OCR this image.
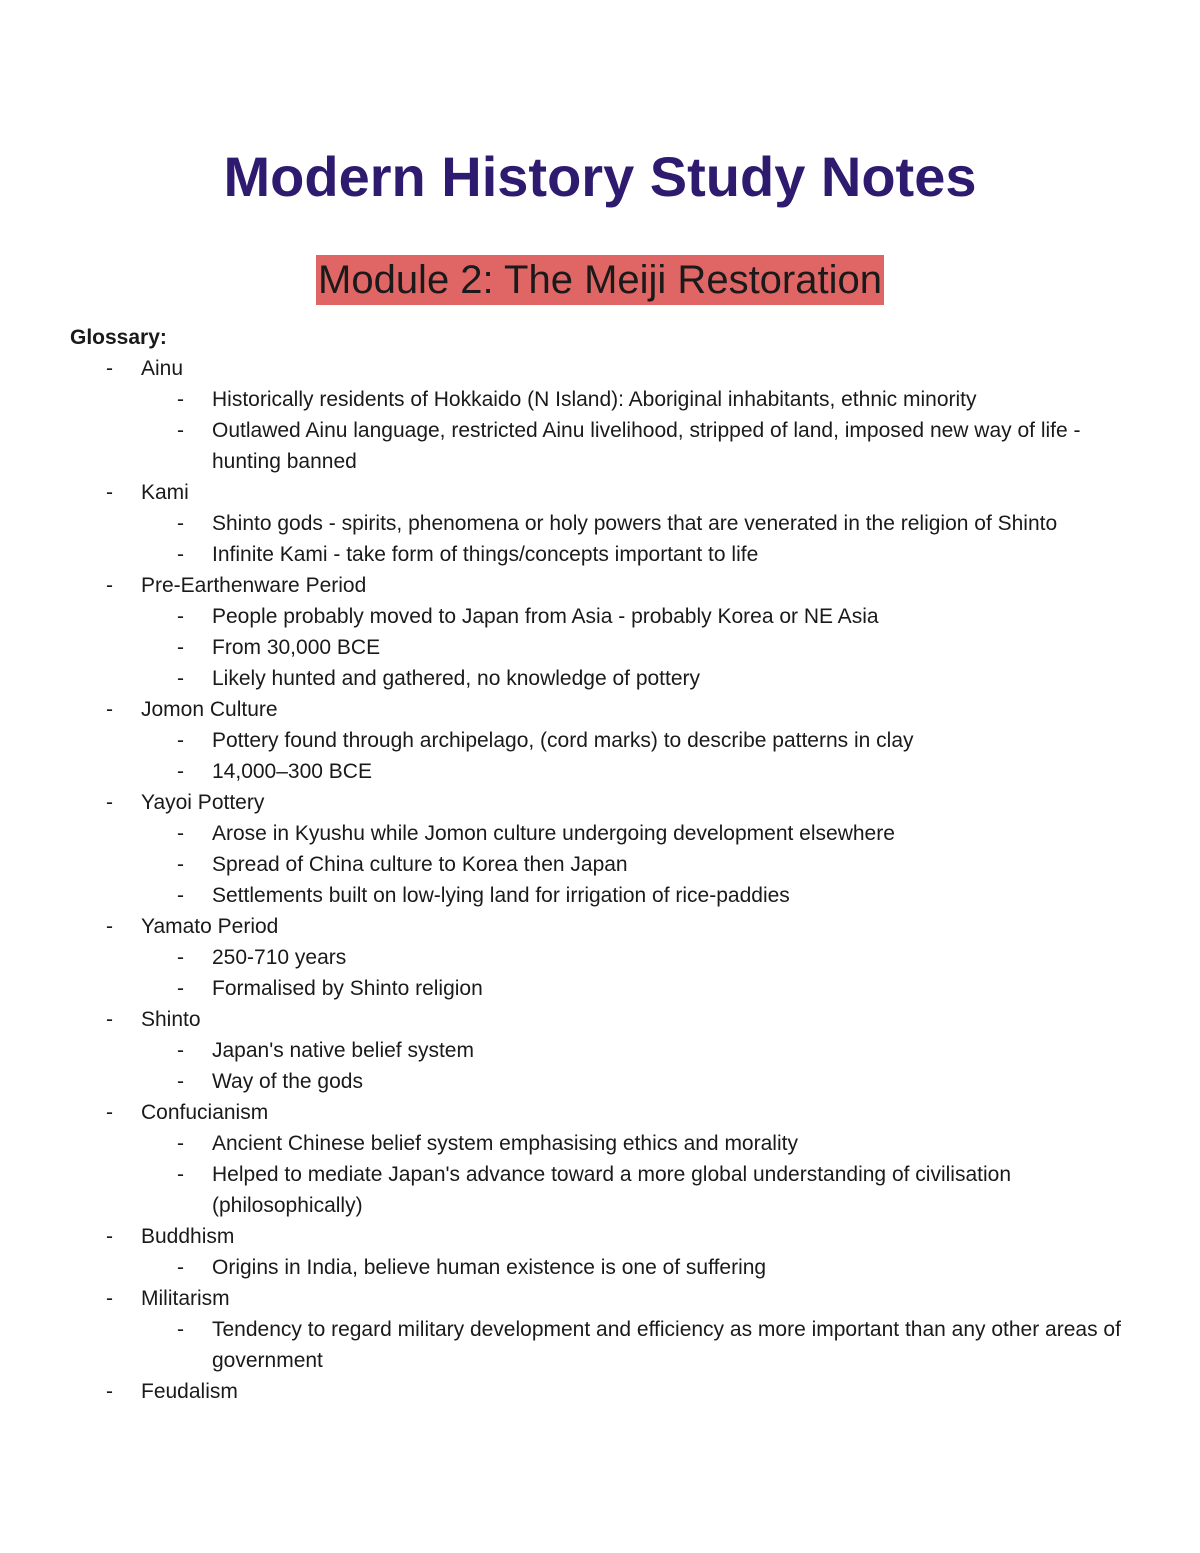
Modern History Study Notes
Module 2: The Meiji Restoration
Glossary:
- Ainu
- Historically residents of Hokkaido (N Island): Aboriginal inhabitants, ethnic minority
- Outlawed Ainu language, restricted Ainu livelihood, stripped of land, imposed new way of life - hunting banned
- Kami
- Shinto gods - spirits, phenomena or holy powers that are venerated in the religion of Shinto
- Infinite Kami - take form of things/concepts important to life
- Pre-Earthenware Period
- People probably moved to Japan from Asia - probably Korea or NE Asia
- From 30,000 BCE
- Likely hunted and gathered, no knowledge of pottery
- Jomon Culture
- Pottery found through archipelago, (cord marks) to describe patterns in clay
- 14,000–300 BCE
- Yayoi Pottery
- Arose in Kyushu while Jomon culture undergoing development elsewhere
- Spread of China culture to Korea then Japan
- Settlements built on low-lying land for irrigation of rice-paddies
- Yamato Period
- 250-710 years
- Formalised by Shinto religion
- Shinto
- Japan's native belief system
- Way of the gods
- Confucianism
- Ancient Chinese belief system emphasising ethics and morality
- Helped to mediate Japan's advance toward a more global understanding of civilisation (philosophically)
- Buddhism
- Origins in India, believe human existence is one of suffering
- Militarism
- Tendency to regard military development and efficiency as more important than any other areas of government
- Feudalism
